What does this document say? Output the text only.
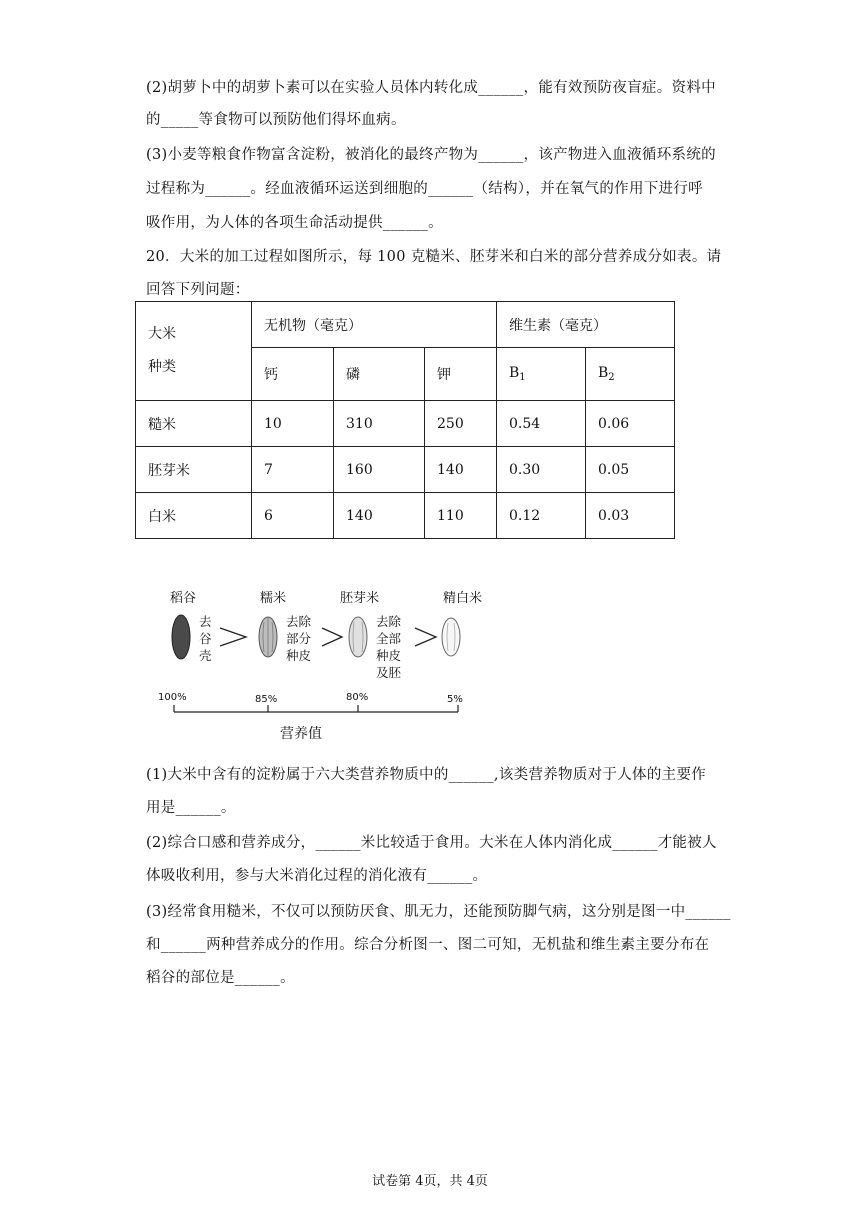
(2)胡萝卜中的胡萝卜素可以在实验人员体内转化成______，能有效预防夜盲症。资料中
的_____等食物可以预防他们得坏血病。
(3)小麦等粮食作物富含淀粉，被消化的最终产物为______，该产物进入血液循环系统的
过程称为______。经血液循环运送到细胞的______（结构），并在氧气的作用下进行呼
吸作用，为人体的各项生命活动提供______。
20．大米的加工过程如图所示，每 100 克糙米、胚芽米和白米的部分营养成分如表。请
回答下列问题：
大米
种类	无机物（毫克）			维生素（毫克）	
	钙	磷	钾	$B_1$	$B_2$
糙米	10	310	250	0.54	0.06
胚芽米	7	160	140	0.30	0.05
白米	6	140	110	0.12	0.03
稻谷	糯米	胚芽米	精白米
去
谷
壳
去除
部分
种皮
去除
全部
种皮
及胚
100%	85%	80%	5%
营养值
(1)大米中含有的淀粉属于六大类营养物质中的______,该类营养物质对于人体的主要作
用是______。
(2)综合口感和营养成分，______米比较适于食用。大米在人体内消化成______才能被人
体吸收利用，参与大米消化过程的消化液有______。
(3)经常食用糙米，不仅可以预防厌食、肌无力，还能预防脚气病，这分别是图一中______
和______两种营养成分的作用。综合分析图一、图二可知，无机盐和维生素主要分布在
稻谷的部位是______。
试卷第 4页，共 4页
